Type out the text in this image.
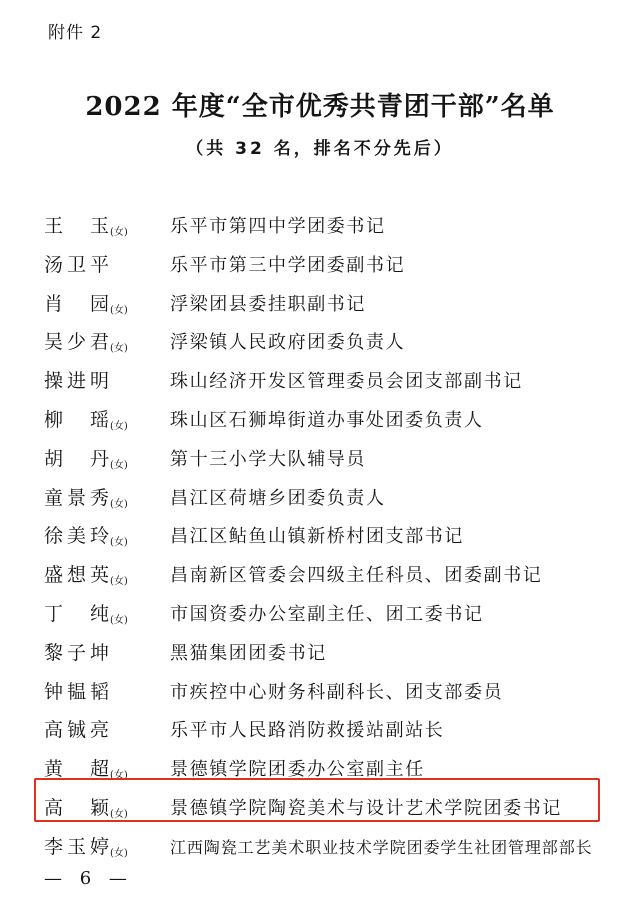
附件 2
2022 年度“全市优秀共青团干部”名单
（共 32 名，排名不分先后）
王　玉 (女) 乐平市第四中学团委书记
汤卫平	乐平市第三中学团委副书记
肖　园 (女) 浮梁团县委挂职副书记
吴少君 (女) 浮梁镇人民政府团委负责人
操进明	珠山经济开发区管理委员会团支部副书记
柳　瑶 (女) 珠山区石狮埠街道办事处团委负责人
胡　丹 (女) 第十三小学大队辅导员
童景秀 (女) 昌江区荷塘乡团委负责人
徐美玲 (女) 昌江区鲇鱼山镇新桥村团支部书记
盛想英 (女) 昌南新区管委会四级主任科员、团委副书记
丁　纯 (女) 市国资委办公室副主任、团工委书记
黎子坤	黑猫集团团委书记
钟韫韬	市疾控中心财务科副科长、团支部委员
高铖亮	乐平市人民路消防救援站副站长
黄　超 (女) 景德镇学院团委办公室副主任
高　颖 (女) 景德镇学院陶瓷美术与设计艺术学院团委书记
李玉婷 (女)	江西陶瓷工艺美术职业技术学院团委学生社团管理部部长
— 6 —
